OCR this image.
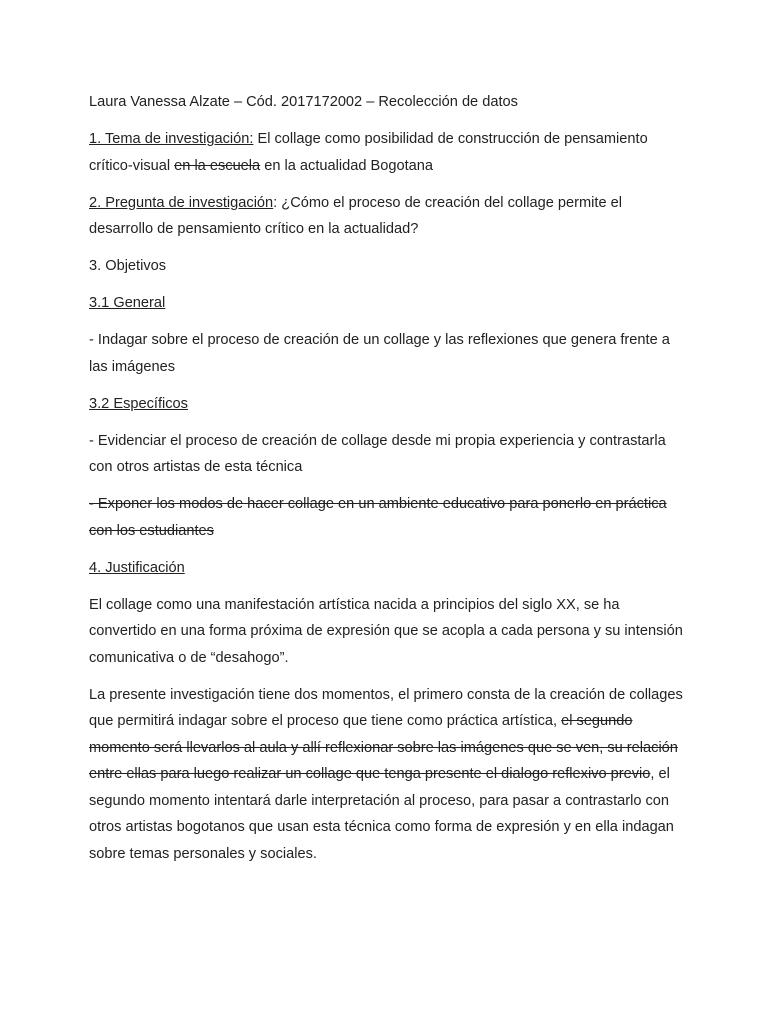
Laura Vanessa Alzate – Cód. 2017172002 – Recolección de datos

1. Tema de investigación: El collage como posibilidad de construcción de pensamiento crítico-visual en la escuela en la actualidad Bogotana

2. Pregunta de investigación: ¿Cómo el proceso de creación del collage permite el desarrollo de pensamiento crítico en la actualidad?

3. Objetivos

3.1 General

- Indagar sobre el proceso de creación de un collage y las reflexiones que genera frente a las imágenes

3.2 Específicos

- Evidenciar el proceso de creación de collage desde mi propia experiencia y contrastarla con otros artistas de esta técnica

- Exponer los modos de hacer collage en un ambiente educativo para ponerlo en práctica con los estudiantes

4. Justificación

El collage como una manifestación artística nacida a principios del siglo XX, se ha convertido en una forma próxima de expresión que se acopla a cada persona y su intensión comunicativa o de “desahogo”.

La presente investigación tiene dos momentos, el primero consta de la creación de collages que permitirá indagar sobre el proceso que tiene como práctica artística, el segundo momento será llevarlos al aula y allí reflexionar sobre las imágenes que se ven, su relación entre ellas para luego realizar un collage que tenga presente el dialogo reflexivo previo, el segundo momento intentará darle interpretación al proceso, para pasar a contrastarlo con otros artistas bogotanos que usan esta técnica como forma de expresión y en ella indagan sobre temas personales y sociales.
